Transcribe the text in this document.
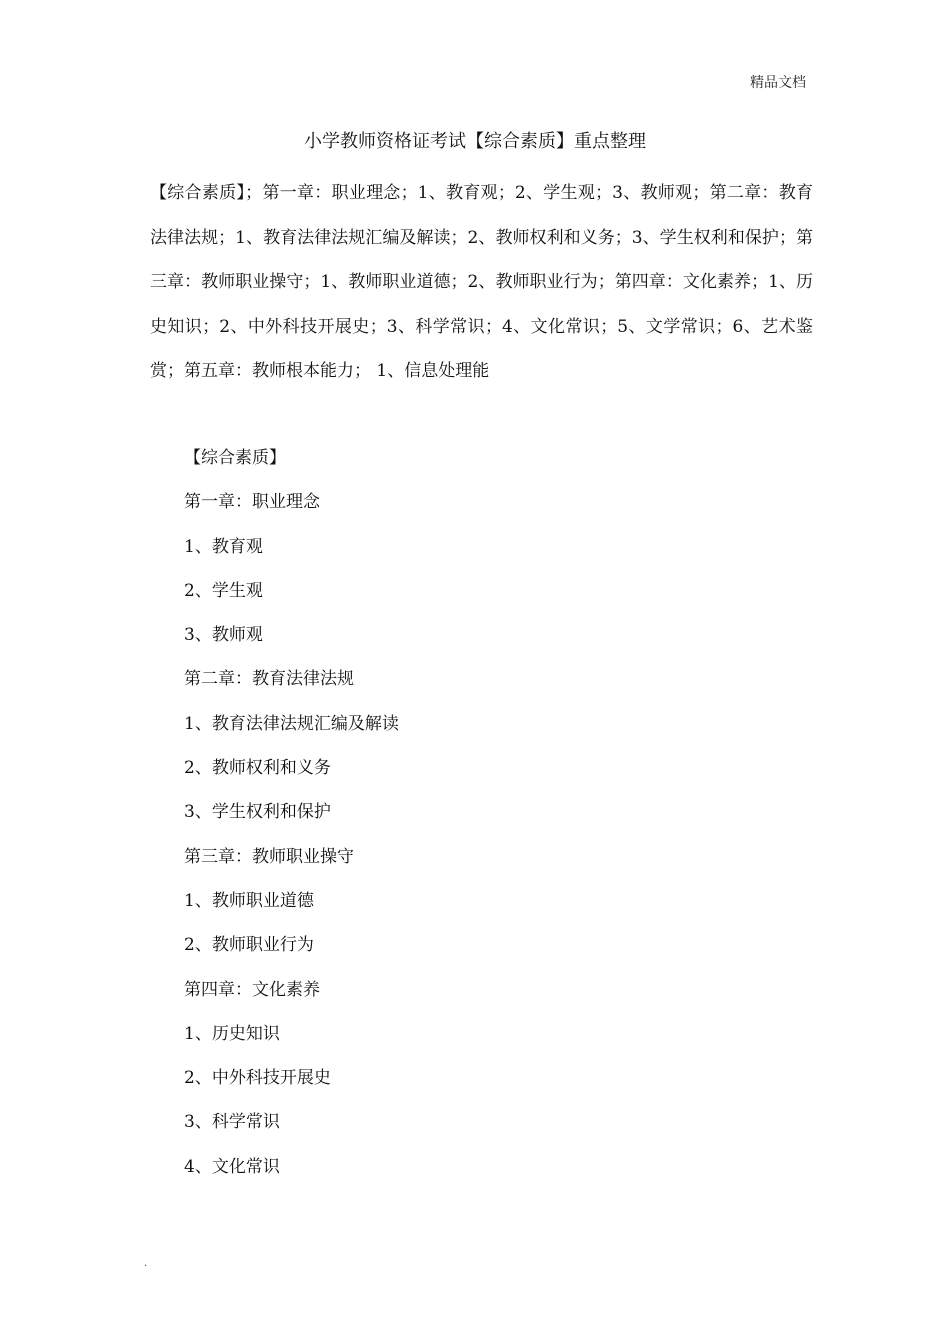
精品文档
小学教师资格证考试【综合素质】重点整理
【综合素质】；第一章：职业理念；1、教育观；2、学生观；3、教师观；第二章：教育法律法规；1、教育法律法规汇编及解读；2、教师权利和义务；3、学生权利和保护；第三章：教师职业操守；1、教师职业道德；2、教师职业行为；第四章：文化素养；1、历史知识；2、中外科技开展史；3、科学常识；4、文化常识；5、文学常识；6、艺术鉴赏；第五章：教师根本能力； 1、信息处理能
【综合素质】
第一章：职业理念
1、教育观
2、学生观
3、教师观
第二章：教育法律法规
1、教育法律法规汇编及解读
2、教师权利和义务
3、学生权利和保护
第三章：教师职业操守
1、教师职业道德
2、教师职业行为
第四章：文化素养
1、历史知识
2、中外科技开展史
3、科学常识
4、文化常识
.
